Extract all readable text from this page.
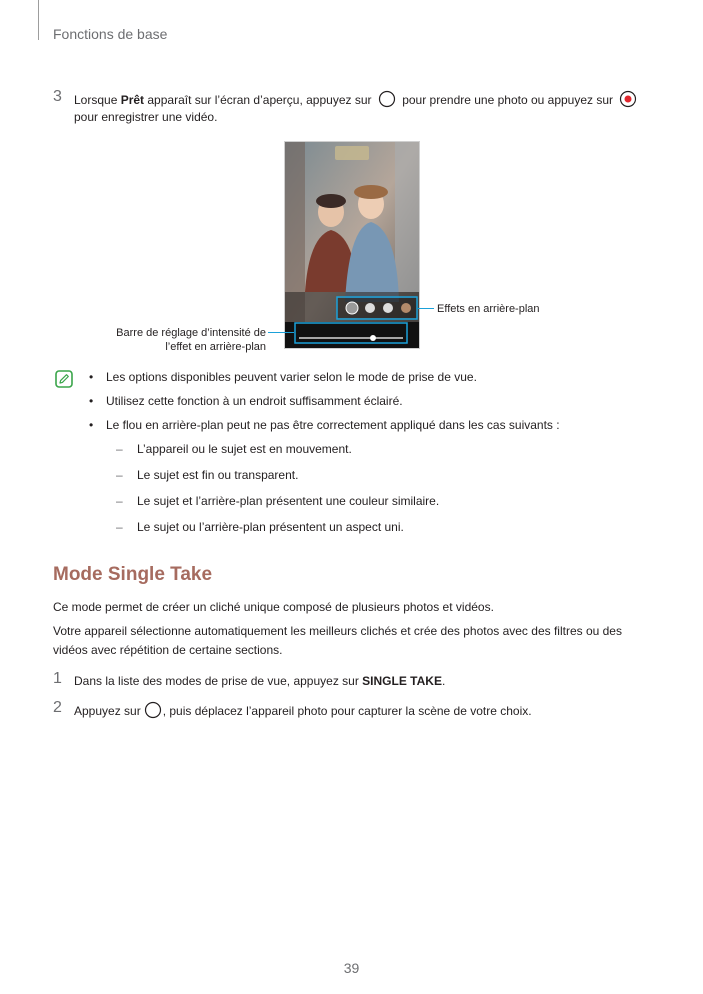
Fonctions de base
3 Lorsque Prêt apparaît sur l’écran d’aperçu, appuyez sur	pour prendre une photo ou appuyez sur
pour enregistrer une vidéo.
Effets en arrière-plan
Barre de réglage d’intensité de
l’effet en arrière-plan
• Les options disponibles peuvent varier selon le mode de prise de vue.
• Utilisez cette fonction à un endroit suffisamment éclairé.
• Le flou en arrière-plan peut ne pas être correctement appliqué dans les cas suivants :
– L’appareil ou le sujet est en mouvement.
– Le sujet est fin ou transparent.
– Le sujet et l’arrière-plan présentent une couleur similaire.
– Le sujet ou l’arrière-plan présentent un aspect uni.
Mode Single Take
Ce mode permet de créer un cliché unique composé de plusieurs photos et vidéos.
Votre appareil sélectionne automatiquement les meilleurs clichés et crée des photos avec des filtres ou des
vidéos avec répétition de certaine sections.
1 Dans la liste des modes de prise de vue, appuyez sur SINGLE TAKE.
2 Appuyez sur , puis déplacez l’appareil photo pour capturer la scène de votre choix.
39
